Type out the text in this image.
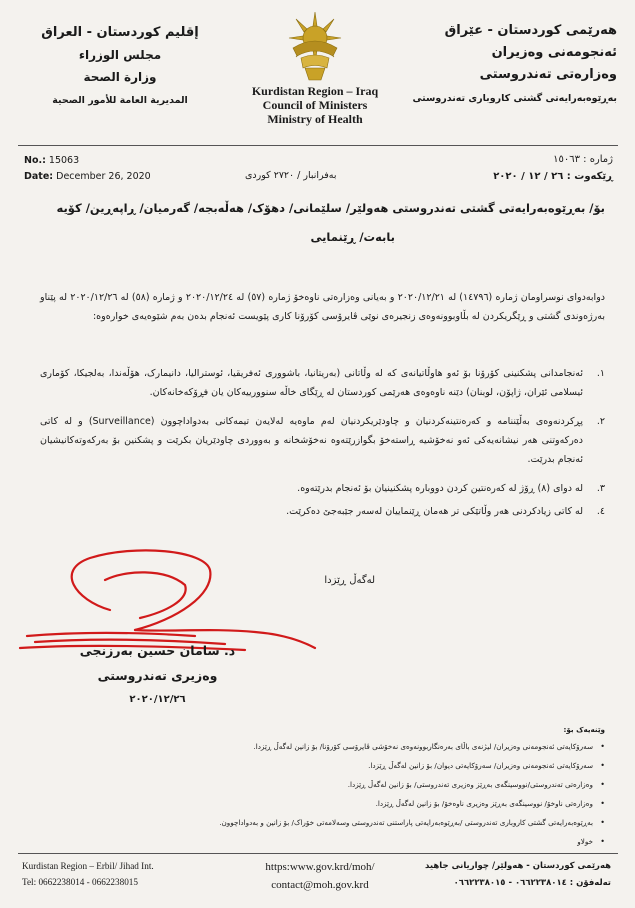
هەرێمی کوردستان - عێراق
ئەنجومەنی وەزیران
وەزارەتی تەندروستی
بەڕێوەبەرایەتی گشتی کاروباری تەندروستی
Kurdistan Region – Iraq
Council of Ministers
Ministry of Health
إقليم كوردستان - العراق
مجلس الوزراء
وزارة الصحة
المديرية العامة للأمور الصحية
No.: 15063
Date: December 26, 2020	بەفرانبار / ٢٧٢٠ کوردی
ژمارە : ١٥٠٦٣
ڕێکەوت : ٢٦ / ١٢ / ٢٠٢٠
بۆ/ بەڕێوەبەرایەتی گشتی تەندروستی هەولێر/ سلێمانی/ دهۆک/ هەڵەبجە/ گەرمیان/ ڕاپەڕین/ کۆیە
بابەت/ ڕێنمایی
دوابەدوای نوسراومان ژمارە (١٤٧٩٦) لە ٢٠٢٠/١٢/٢١ و بەیانی وەزارەتی ناوەخۆ ژمارە (٥٧) لە ٢٠٢٠/١٢/٢٤ و ژمارە (٥٨) لە ٢٠٢٠/١٢/٢٦ لە پێناو بەرژەوندی گشتی و ڕێگریکردن لە بڵاوبوونەوەی زنجیرەی نوێی ڤایرۆسی کۆرۆنا کاری پێویست ئەنجام بدەن بەم شێوەیەی خوارەوە:
١.
ئەنجامدانی پشکنینی کۆرۆنا بۆ ئەو هاوڵاتیانەی کە لە وڵاتانی (بەریتانیا، باشووری ئەفریقیا، ئوسترالیا، دانیمارک، هۆڵەندا، بەلجیکا، کۆماری ئیسلامی ئێران، ژاپۆن، لوبنان) دێنە ناوەوەی هەرێمی کوردستان لە ڕێگای خاڵە سنوورییەکان یان فڕۆکەخانەکان.
٢.
پڕکردنەوەی بەڵێننامە و کەرەنتینەکردنیان و چاودێریکردنیان لەم ماوەیە لەلایەن تیمەکانی بەدواداچوون (Surveillance) و لە کاتی دەرکەوتنی هەر نیشانەیەکی ئەو نەخۆشیە ڕاستەخۆ بگوازرێتەوە نەخۆشخانە و بەووردی چاودێریان بکرێت و پشکنین بۆ بەرکەوتەکانیشیان ئەنجام بدرێت.
٣.
لە دوای (٨) ڕۆژ لە کەرەنتین کردن دووبارە پشکنینیان بۆ ئەنجام بدرێتەوە.
٤.
لە کاتی زیادکردنی هەر وڵاتێکی تر هەمان ڕێنماییان لەسەر جێبەجێ دەکرێت.
لەگەڵ ڕێزدا
د. سامان حسین بەرزنجی
وەزیری تەندروستی
٢٠٢٠/١٢/٢٦
وێنەیەک بۆ:
• سەرۆکایەتی ئەنجومەنی وەزیران/ لیژنەی باڵای بەرەنگاربوونەوەی نەخۆشی ڤایرۆسی کۆرۆنا/ بۆ زانین لەگەڵ ڕێزدا.
• سەرۆکایەتی ئەنجومەنی وەزیران/ سەرۆکایەتی دیوان/ بۆ زانین لەگەڵ ڕێزدا.
• وەزارەتی تەندروستی/نووسینگەی بەڕێز وەزیری تەندروستی/ بۆ زانین لەگەڵ ڕێزدا.
• وەزارەتی ناوخۆ/ نووسینگەی بەڕێز وەزیری ناوەخۆ/ بۆ زانین لەگەڵ ڕێزدا.
• بەڕێوەبەرایەتی گشتی کاروباری تەندروستی /بەڕێوەبەرایەتی پاراستنی تەندروستی وسەلامەتی خۆراک/ بۆ زانین و بەدواداچوون.
• خولاو
Kurdistan Region – Erbil/ Jihad Int.
Tel: 0662238014 - 0662238015
https:www.gov.krd/moh/
contact@moh.gov.krd
هەرێمی کوردستان - هەولێر/ چواریانی جاهید
تەلەفۆن : ٠٦٦٢٢٣٨٠١٤ - ٠٦٦٢٢٣٨٠١٥
